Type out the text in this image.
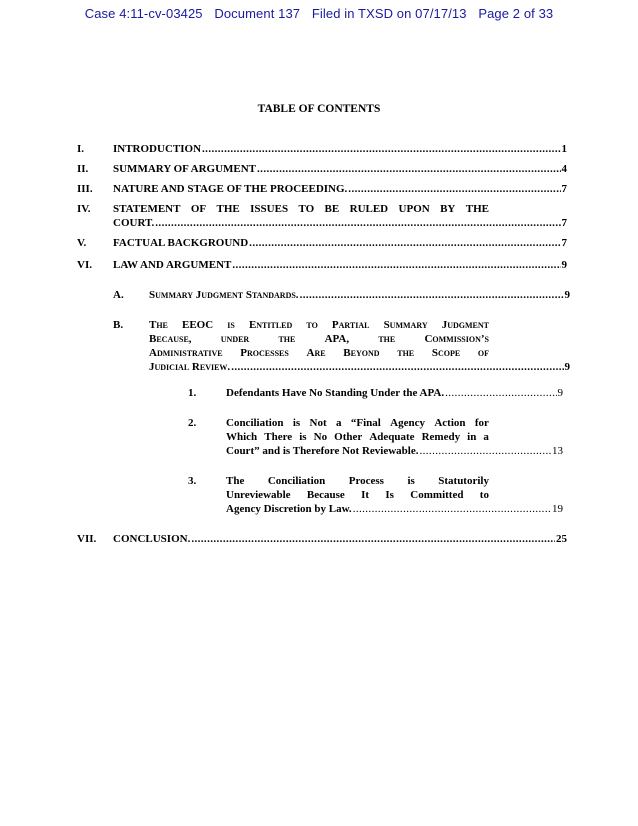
Case 4:11-cv-03425 Document 137 Filed in TXSD on 07/17/13 Page 2 of 33
TABLE OF CONTENTS
I.	INTRODUCTION .....	1
II. SUMMARY OF ARGUMENT .....	4
III. NATURE AND STAGE OF THE PROCEEDING. .....	7
IV. STATEMENT OF THE ISSUES TO BE RULED UPON BY THE
COURT. .....	7
V. FACTUAL BACKGROUND .....	7
VI. LAW AND ARGUMENT .....	9
A. Summary Judgment Standards. .....	9
B. The EEOC is Entitled to Partial Summary Judgment
Because,	under	the	APA,	the	Commission’s
Administrative Processes Are Beyond the Scope of
Judicial Review. .....	9
1.	Defendants Have No Standing Under the APA. .....	9
2.	Conciliation is Not a “Final Agency Action for
Which There is No Other Adequate Remedy in a
Court” and is Therefore Not Reviewable. .....	13
3.	The Conciliation Process is Statutorily
Unreviewable Because It Is Committed to
Agency Discretion by Law. .....	19
VII. CONCLUSION. .....	25
